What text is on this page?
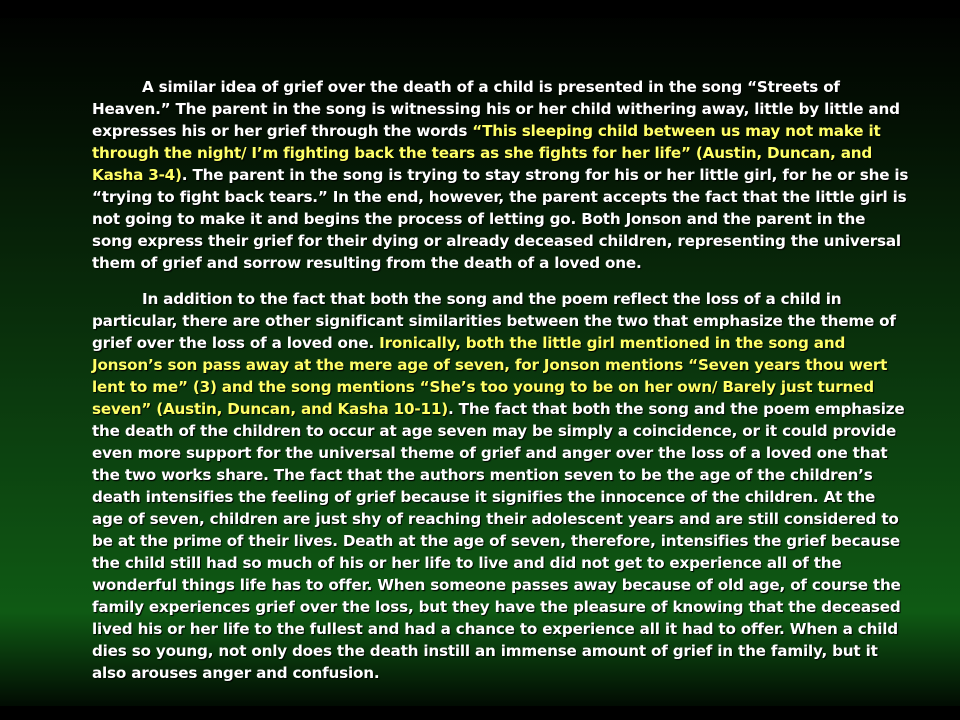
A similar idea of grief over the death of a child is presented in the song “Streets of Heaven.” The parent in the song is witnessing his or her child withering away, little by little and expresses his or her grief through the words “This sleeping child between us may not make it through the night/ I’m fighting back the tears as she fights for her life” (Austin, Duncan, and Kasha 3-4). The parent in the song is trying to stay strong for his or her little girl, for he or she is “trying to fight back tears.” In the end, however, the parent accepts the fact that the little girl is not going to make it and begins the process of letting go. Both Jonson and the parent in the song express their grief for their dying or already deceased children, representing the universal them of grief and sorrow resulting from the death of a loved one.

In addition to the fact that both the song and the poem reflect the loss of a child in particular, there are other significant similarities between the two that emphasize the theme of grief over the loss of a loved one. Ironically, both the little girl mentioned in the song and Jonson’s son pass away at the mere age of seven, for Jonson mentions “Seven years thou wert lent to me” (3) and the song mentions “She’s too young to be on her own/ Barely just turned seven” (Austin, Duncan, and Kasha 10-11). The fact that both the song and the poem emphasize the death of the children to occur at age seven may be simply a coincidence, or it could provide even more support for the universal theme of grief and anger over the loss of a loved one that the two works share. The fact that the authors mention seven to be the age of the children’s death intensifies the feeling of grief because it signifies the innocence of the children. At the age of seven, children are just shy of reaching their adolescent years and are still considered to be at the prime of their lives. Death at the age of seven, therefore, intensifies the grief because the child still had so much of his or her life to live and did not get to experience all of the wonderful things life has to offer. When someone passes away because of old age, of course the family experiences grief over the loss, but they have the pleasure of knowing that the deceased lived his or her life to the fullest and had a chance to experience all it had to offer. When a child dies so young, not only does the death instill an immense amount of grief in the family, but it also arouses anger and confusion.
